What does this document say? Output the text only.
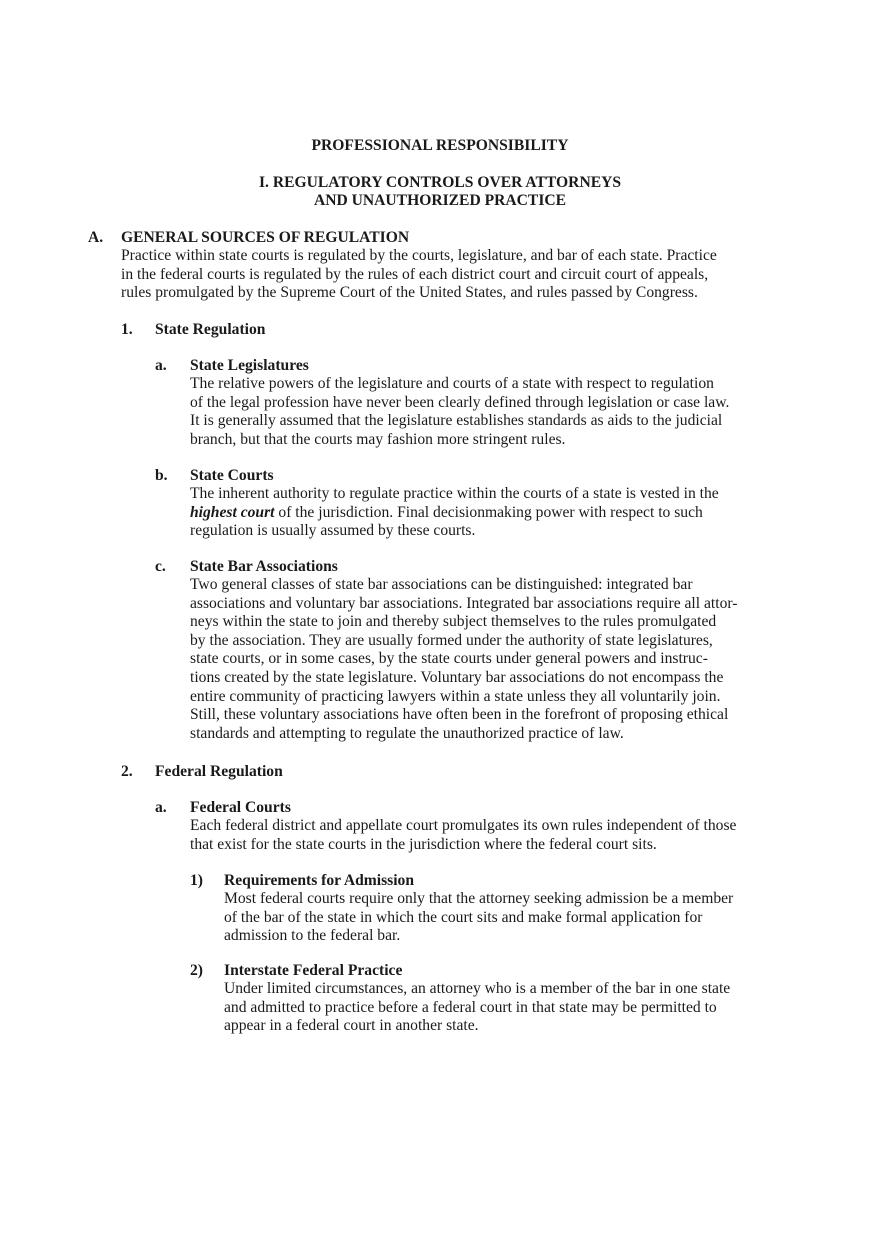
PROFESSIONAL RESPONSIBILITY
I. REGULATORY CONTROLS OVER ATTORNEYS
AND UNAUTHORIZED PRACTICE
A. GENERAL SOURCES OF REGULATION
Practice within state courts is regulated by the courts, legislature, and bar of each state. Practice
in the federal courts is regulated by the rules of each district court and circuit court of appeals,
rules promulgated by the Supreme Court of the United States, and rules passed by Congress.
1. State Regulation
a. State Legislatures
The relative powers of the legislature and courts of a state with respect to regulation
of the legal profession have never been clearly defined through legislation or case law.
It is generally assumed that the legislature establishes standards as aids to the judicial
branch, but that the courts may fashion more stringent rules.
b. State Courts
The inherent authority to regulate practice within the courts of a state is vested in the
highest court of the jurisdiction. Final decisionmaking power with respect to such
regulation is usually assumed by these courts.
c. State Bar Associations
Two general classes of state bar associations can be distinguished: integrated bar
associations and voluntary bar associations. Integrated bar associations require all attor-
neys within the state to join and thereby subject themselves to the rules promulgated
by the association. They are usually formed under the authority of state legislatures,
state courts, or in some cases, by the state courts under general powers and instruc-
tions created by the state legislature. Voluntary bar associations do not encompass the
entire community of practicing lawyers within a state unless they all voluntarily join.
Still, these voluntary associations have often been in the forefront of proposing ethical
standards and attempting to regulate the unauthorized practice of law.
2. Federal Regulation
a. Federal Courts
Each federal district and appellate court promulgates its own rules independent of those
that exist for the state courts in the jurisdiction where the federal court sits.
1) Requirements for Admission
Most federal courts require only that the attorney seeking admission be a member
of the bar of the state in which the court sits and make formal application for
admission to the federal bar.
2) Interstate Federal Practice
Under limited circumstances, an attorney who is a member of the bar in one state
and admitted to practice before a federal court in that state may be permitted to
appear in a federal court in another state.
